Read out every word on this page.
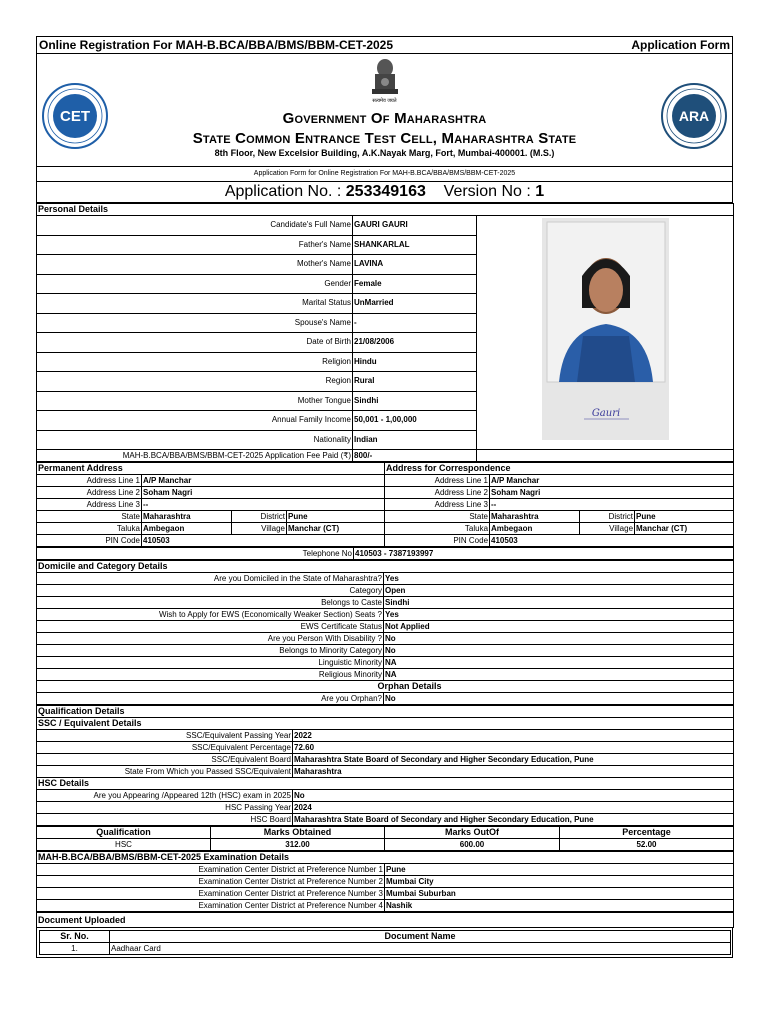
Online Registration For MAH-B.BCA/BBA/BMS/BBM-CET-2025	Application Form
CET
सत्यमेव जयते
Government Of Maharashtra
State Common Entrance Test Cell, Maharashtra State
8th Floor, New Excelsior Building, A.K.Nayak Marg, Fort, Mumbai-400001. (M.S.)
ARA
Application Form for Online Registration For MAH-B.BCA/BBA/BMS/BBM-CET-2025
Application No. : 253349163 Version No : 1
Personal Details		
Candidate's Full Name	GAURI GAURI	Gauri

Father's Name	SHANKARLAL	
Mother's Name	LAVINA	
Gender	Female	
Marital Status	UnMarried	
Spouse's Name	-	
Date of Birth	21/08/2006	
Religion	Hindu	
Region	Rural	
Mother Tongue	Sindhi	
Annual Family Income	50,001 - 1,00,000	
Nationality	Indian	
MAH-B.BCA/BBA/BMS/BBM-CET-2025 Application Fee Paid (₹)	800/-	
Permanent Address				Address for Correspondence			
Address Line 1	A/P Manchar			Address Line 1	A/P Manchar		
Address Line 2	Soham Nagri			Address Line 2	Soham Nagri		
Address Line 3	--			Address Line 3	--		
State	Maharashtra	District	Pune	State	Maharashtra	District	Pune
Taluka	Ambegaon	Village	Manchar (CT)	Taluka	Ambegaon	Village	Manchar (CT)
PIN Code	410503			PIN Code	410503		
Telephone No	410503 - 7387193997
Domicile and Category Details	
Are you Domiciled in the State of Maharashtra?	Yes
Category	Open
Belongs to Caste	Sindhi
Wish to Apply for EWS (Economically Weaker Section) Seats ?	Yes
EWS Certificate Status	Not Applied
Are you Person With Disability ?	No
Belongs to Minority Category	No
Linguistic Minority	NA
Religious Minority	NA
Orphan Details	
Are you Orphan?	No
Qualification Details	
SSC / Equivalent Details	
SSC/Equivalent Passing Year	2022
SSC/Equivalent Percentage	72.60
SSC/Equivalent Board	Maharashtra State Board of Secondary and Higher Secondary Education, Pune
State From Which you Passed SSC/Equivalent	Maharashtra
HSC Details	
Are you Appearing /Appeared 12th (HSC) exam in 2025	No
HSC Passing Year	2024
HSC Board	Maharashtra State Board of Secondary and Higher Secondary Education, Pune
Qualification	Marks Obtained	Marks OutOf	Percentage
HSC	312.00	600.00	52.00
MAH-B.BCA/BBA/BMS/BBM-CET-2025 Examination Details	
Examination Center District at Preference Number 1	Pune
Examination Center District at Preference Number 2	Mumbai City
Examination Center District at Preference Number 3	Mumbai Suburban
Examination Center District at Preference Number 4	Nashik
Document Uploaded
Sr. No.	Document Name
1.	Aadhaar Card
